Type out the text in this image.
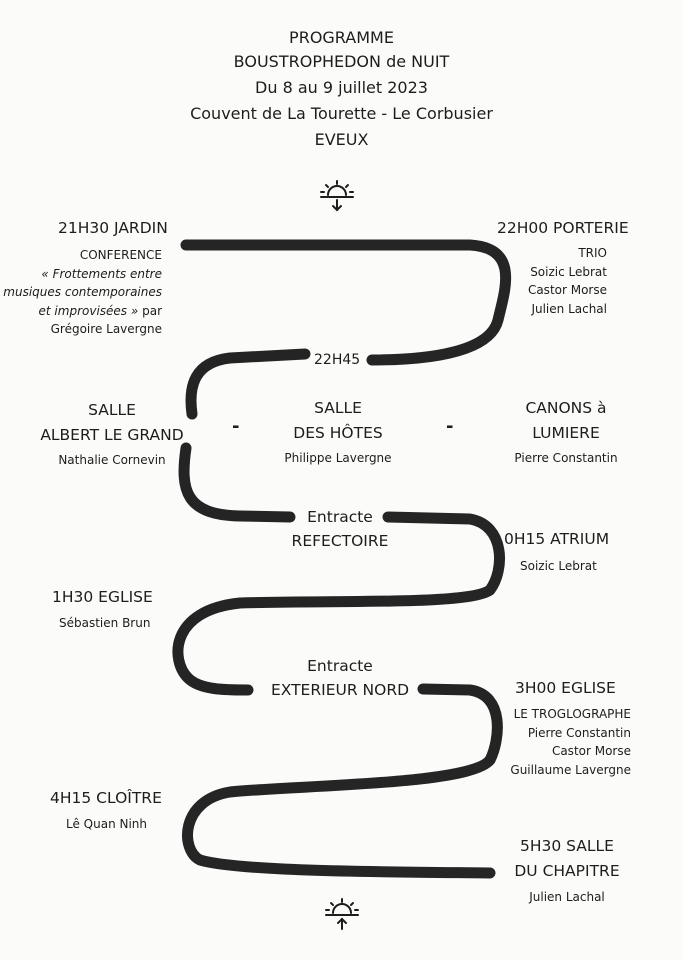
PROGRAMME
BOUSTROPHEDON de NUIT
Du 8 au 9 juillet 2023
Couvent de La Tourette - Le Corbusier
EVEUX
21H30 JARDIN
CONFERENCE
« Frottements entre
musiques contemporaines
et improvisées » par
Grégoire Lavergne
22H00 PORTERIE
TRIO
Soizic Lebrat
Castor Morse
Julien Lachal
22H45
SALLE
ALBERT LE GRAND
Nathalie Cornevin
-
SALLE
DES HÔTES
Philippe Lavergne
-
CANONS à
LUMIERE
Pierre Constantin
Entracte
REFECTOIRE	0H15 ATRIUM
Soizic Lebrat
1H30 EGLISE
Sébastien Brun
Entracte
EXTERIEUR NORD	3H00 EGLISE
LE TROGLOGRAPHE
Pierre Constantin
Castor Morse
Guillaume Lavergne
4H15 CLOÎTRE
Lê Quan Ninh
5H30 SALLE
DU CHAPITRE
Julien Lachal
